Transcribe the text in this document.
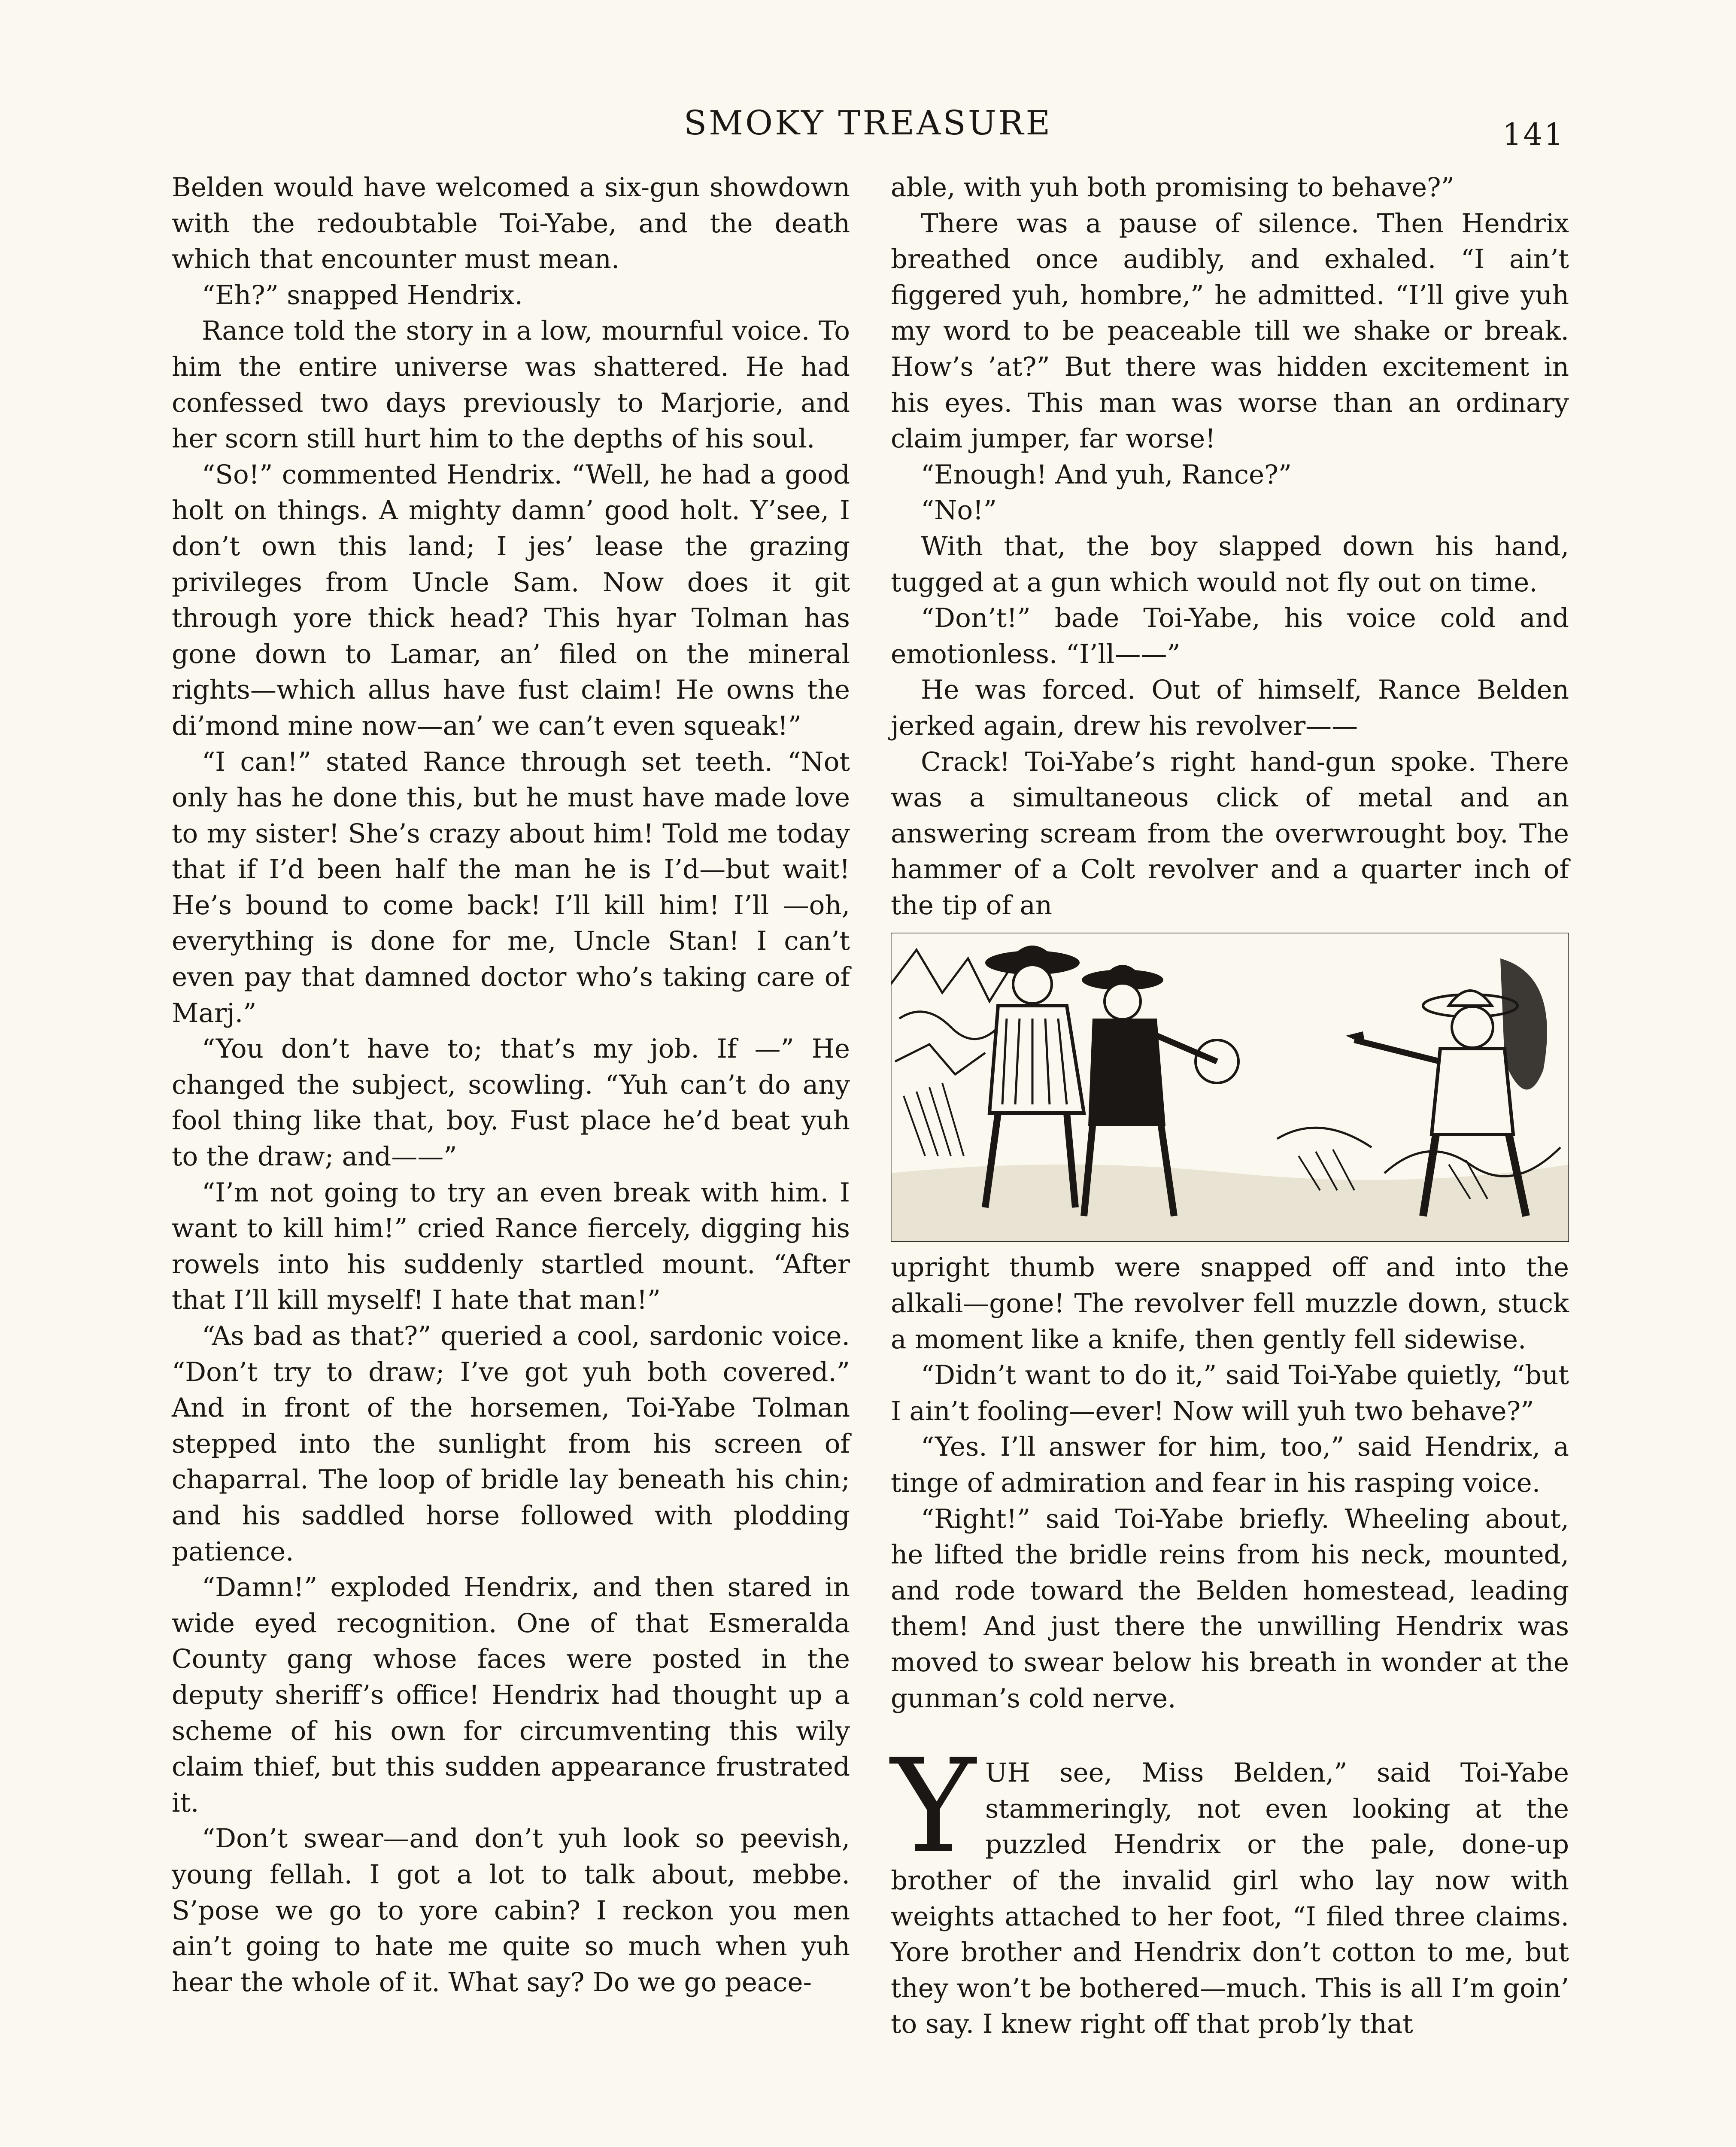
SMOKY TREASURE	141

Belden would have welcomed a six-gun showdown with the redoubtable Toi-Yabe, and the death which that encounter must mean.

“Eh?” snapped Hendrix.

Rance told the story in a low, mournful voice. To him the entire universe was shattered. He had confessed two days previously to Marjorie, and her scorn still hurt him to the depths of his soul.

“So!” commented Hendrix. “Well, he had a good holt on things. A mighty damn’ good holt. Y’see, I don’t own this land; I jes’ lease the grazing privileges from Uncle Sam. Now does it git through yore thick head? This hyar Tolman has gone down to Lamar, an’ filed on the mineral rights—which allus have fust claim! He owns the di’mond mine now—an’ we can’t even squeak!”

“I can!” stated Rance through set teeth. “Not only has he done this, but he must have made love to my sister! She’s crazy about him! Told me today that if I’d been half the man he is I’d—but wait! He’s bound to come back! I’ll kill him! I’ll —oh, everything is done for me, Uncle Stan! I can’t even pay that damned doctor who’s taking care of Marj.”

“You don’t have to; that’s my job. If —” He changed the subject, scowling. “Yuh can’t do any fool thing like that, boy. Fust place he’d beat yuh to the draw; and——”

“I’m not going to try an even break with him. I want to kill him!” cried Rance fiercely, digging his rowels into his suddenly startled mount. “After that I’ll kill myself! I hate that man!”

“As bad as that?” queried a cool, sardonic voice. “Don’t try to draw; I’ve got yuh both covered.” And in front of the horsemen, Toi-Yabe Tolman stepped into the sunlight from his screen of chaparral. The loop of bridle lay beneath his chin; and his saddled horse followed with plodding patience.

“Damn!” exploded Hendrix, and then stared in wide eyed recognition. One of that Esmeralda County gang whose faces were posted in the deputy sheriff’s office! Hendrix had thought up a scheme of his own for circumventing this wily claim thief, but this sudden appearance frustrated it.

“Don’t swear—and don’t yuh look so peevish, young fellah. I got a lot to talk about, mebbe. S’pose we go to yore cabin? I reckon you men ain’t going to hate me quite so much when yuh hear the whole of it. What say? Do we go peace-

able, with yuh both promising to behave?”

There was a pause of silence. Then Hendrix breathed once audibly, and exhaled. “I ain’t figgered yuh, hombre,” he admitted. “I’ll give yuh my word to be peaceable till we shake or break. How’s ’at?” But there was hidden excitement in his eyes. This man was worse than an ordinary claim jumper, far worse!

“Enough! And yuh, Rance?”

“No!”

With that, the boy slapped down his hand, tugged at a gun which would not fly out on time.

“Don’t!” bade Toi-Yabe, his voice cold and emotionless. “I’ll——”

He was forced. Out of himself, Rance Belden jerked again, drew his revolver——

Crack! Toi-Yabe’s right hand-gun spoke. There was a simultaneous click of metal and an answering scream from the overwrought boy. The hammer of a Colt revolver and a quarter inch of the tip of an

upright thumb were snapped off and into the alkali—gone! The revolver fell muzzle down, stuck a moment like a knife, then gently fell sidewise.

“Didn’t want to do it,” said Toi-Yabe quietly, “but I ain’t fooling—ever! Now will yuh two behave?”

“Yes. I’ll answer for him, too,” said Hendrix, a tinge of admiration and fear in his rasping voice.

“Right!” said Toi-Yabe briefly. Wheeling about, he lifted the bridle reins from his neck, mounted, and rode toward the Belden homestead, leading them! And just there the unwilling Hendrix was moved to swear below his breath in wonder at the gunman’s cold nerve.

YUH see, Miss Belden,” said Toi-Yabe stammeringly, not even looking at the puzzled Hendrix or the pale, done-up brother of the invalid girl who lay now with weights attached to her foot, “I filed three claims. Yore brother and Hendrix don’t cotton to me, but they won’t be bothered—much. This is all I’m goin’ to say. I knew right off that prob’ly that
